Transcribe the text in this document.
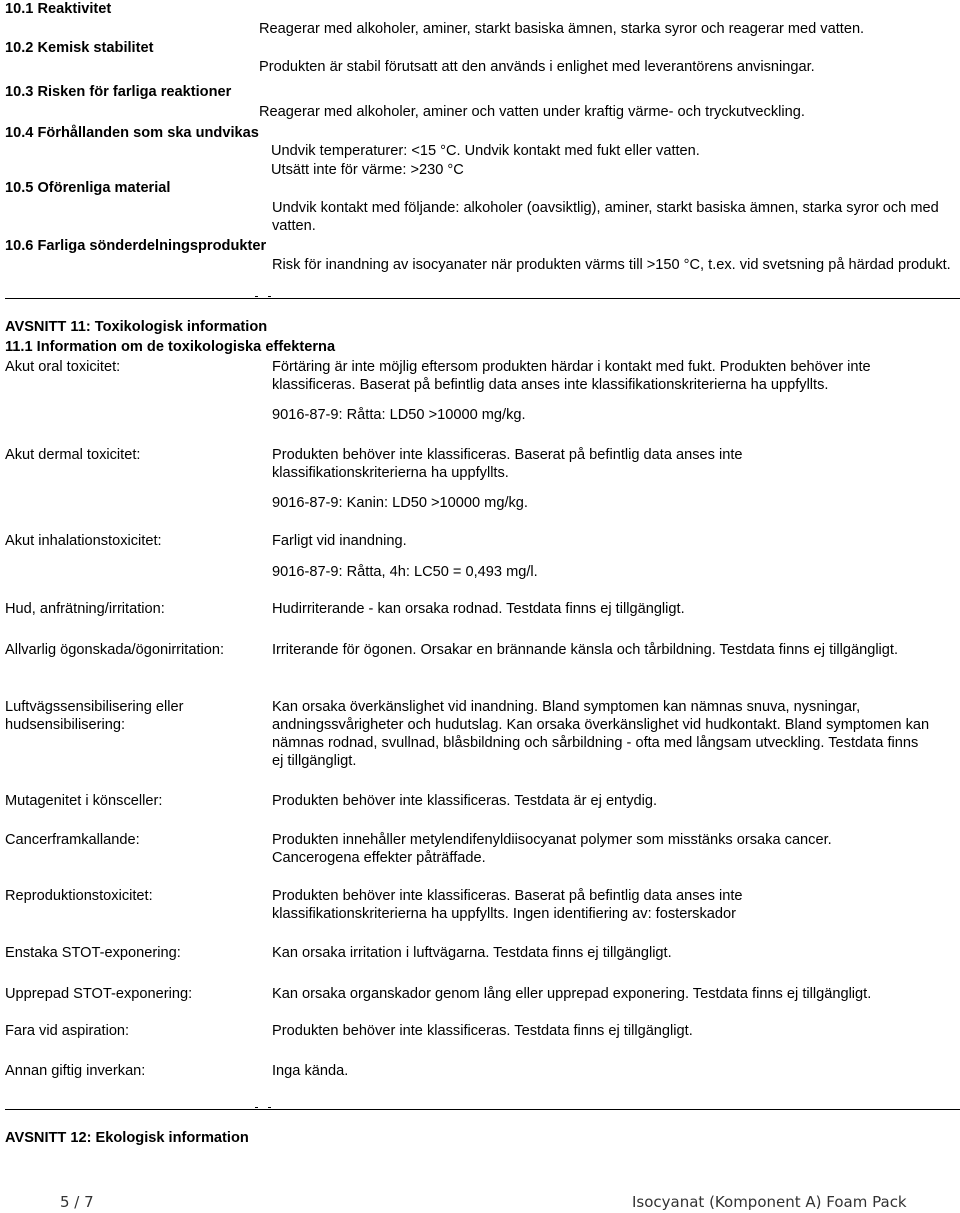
10.1 Reaktivitet
Reagerar med alkoholer, aminer, starkt basiska ämnen, starka syror och reagerar med vatten.
10.2 Kemisk stabilitet
Produkten är stabil förutsatt att den används i enlighet med leverantörens anvisningar.
10.3 Risken för farliga reaktioner
Reagerar med alkoholer, aminer och vatten under kraftig värme- och tryckutveckling.
10.4 Förhållanden som ska undvikas
Undvik temperaturer: <15 °C. Undvik kontakt med fukt eller vatten. Utsätt inte för värme: >230 °C
10.5 Oförenliga material
Undvik kontakt med följande: alkoholer (oavsiktlig), aminer, starkt basiska ämnen, starka syror och med vatten.
10.6 Farliga sönderdelningsprodukter
Risk för inandning av isocyanater när produkten värms till >150 °C, t.ex. vid svetsning på härdad produkt.
AVSNITT 11: Toxikologisk information
11.1 Information om de toxikologiska effekterna
Akut oral toxicitet:	Förtäring är inte möjlig eftersom produkten härdar i kontakt med fukt. Produkten behöver inte klassificeras. Baserat på befintlig data anses inte klassifikationskriterierna ha uppfyllts.
9016-87-9: Råtta: LD50 >10000 mg/kg.
Akut dermal toxicitet:	Produkten behöver inte klassificeras. Baserat på befintlig data anses inte klassifikationskriterierna ha uppfyllts.
9016-87-9: Kanin: LD50 >10000 mg/kg.
Akut inhalationstoxicitet:	Farligt vid inandning.
9016-87-9: Råtta, 4h: LC50 = 0,493 mg/l.
Hud, anfrätning/irritation:	Hudirriterande - kan orsaka rodnad. Testdata finns ej tillgängligt.
Allvarlig ögonskada/ögonirritation:	Irriterande för ögonen. Orsakar en brännande känsla och tårbildning. Testdata finns ej tillgängligt.
Luftvägssensibilisering eller hudsensibilisering:
Kan orsaka överkänslighet vid inandning. Bland symptomen kan nämnas snuva, nysningar, andningssvårigheter och hudutslag. Kan orsaka överkänslighet vid hudkontakt. Bland symptomen kan nämnas rodnad, svullnad, blåsbildning och sårbildning - ofta med långsam utveckling. Testdata finns ej tillgängligt.
Mutagenitet i könsceller:	Produkten behöver inte klassificeras. Testdata är ej entydig.
Cancerframkallande:	Produkten innehåller metylendifenyldiisocyanat polymer som misstänks orsaka cancer. Cancerogena effekter påträffade.
Reproduktionstoxicitet:	Produkten behöver inte klassificeras. Baserat på befintlig data anses inte klassifikationskriterierna ha uppfyllts. Ingen identifiering av: fosterskador
Enstaka STOT-exponering:	Kan orsaka irritation i luftvägarna. Testdata finns ej tillgängligt.
Upprepad STOT-exponering:	Kan orsaka organskador genom lång eller upprepad exponering. Testdata finns ej tillgängligt.
Fara vid aspiration:	Produkten behöver inte klassificeras. Testdata finns ej tillgängligt.
Annan giftig inverkan:	Inga kända.
AVSNITT 12: Ekologisk information
5 / 7	Isocyanat (Komponent A) Foam Pack
